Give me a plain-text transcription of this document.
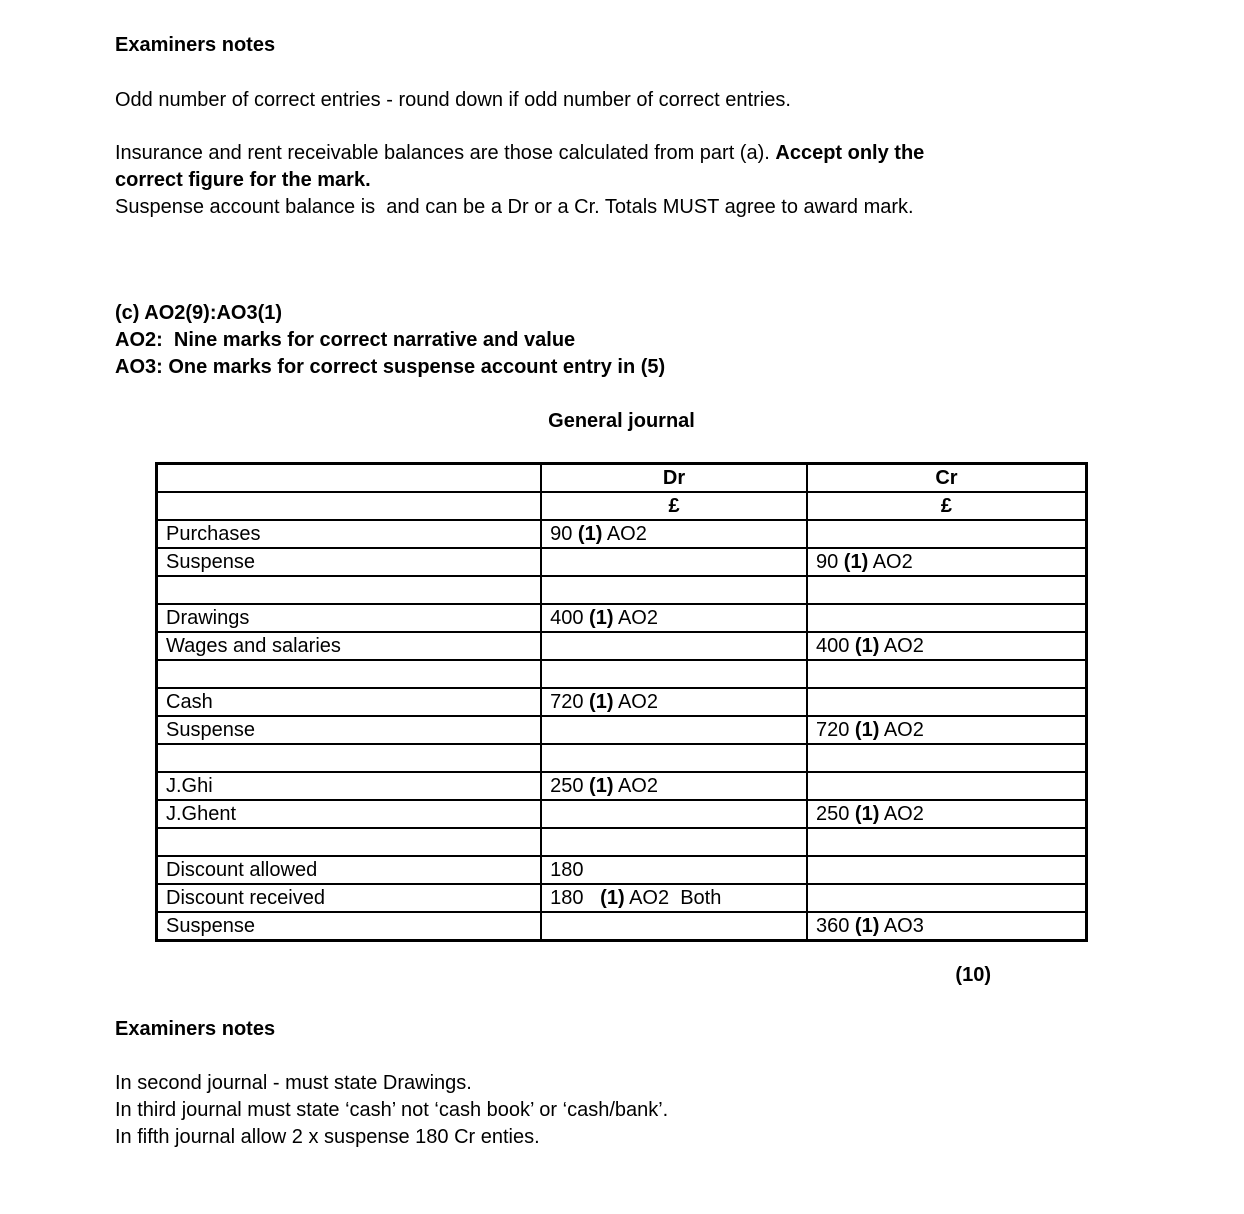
Examiners notes
Odd number of correct entries - round down if odd number of correct entries.
Insurance and rent receivable balances are those calculated from part (a). Accept only the
correct figure for the mark.
Suspense account balance is  and can be a Dr or a Cr. Totals MUST agree to award mark.
(c) AO2(9):AO3(1)
AO2:  Nine marks for correct narrative and value
AO3: One marks for correct suspense account entry in (5)
General journal
	Dr	Cr
	£	£
Purchases	90 (1) AO2	
Suspense		90 (1) AO2

Drawings	400 (1) AO2	
Wages and salaries		400 (1) AO2

Cash	720 (1) AO2	
Suspense		720 (1) AO2

J.Ghi	250 (1) AO2	
J.Ghent		250 (1) AO2

Discount allowed	180	
Discount received	180   (1) AO2  Both	
Suspense		360 (1) AO3
(10)
Examiners notes
In second journal - must state Drawings.
In third journal must state ‘cash’ not ‘cash book’ or ‘cash/bank’.
In fifth journal allow 2 x suspense 180 Cr enties.
